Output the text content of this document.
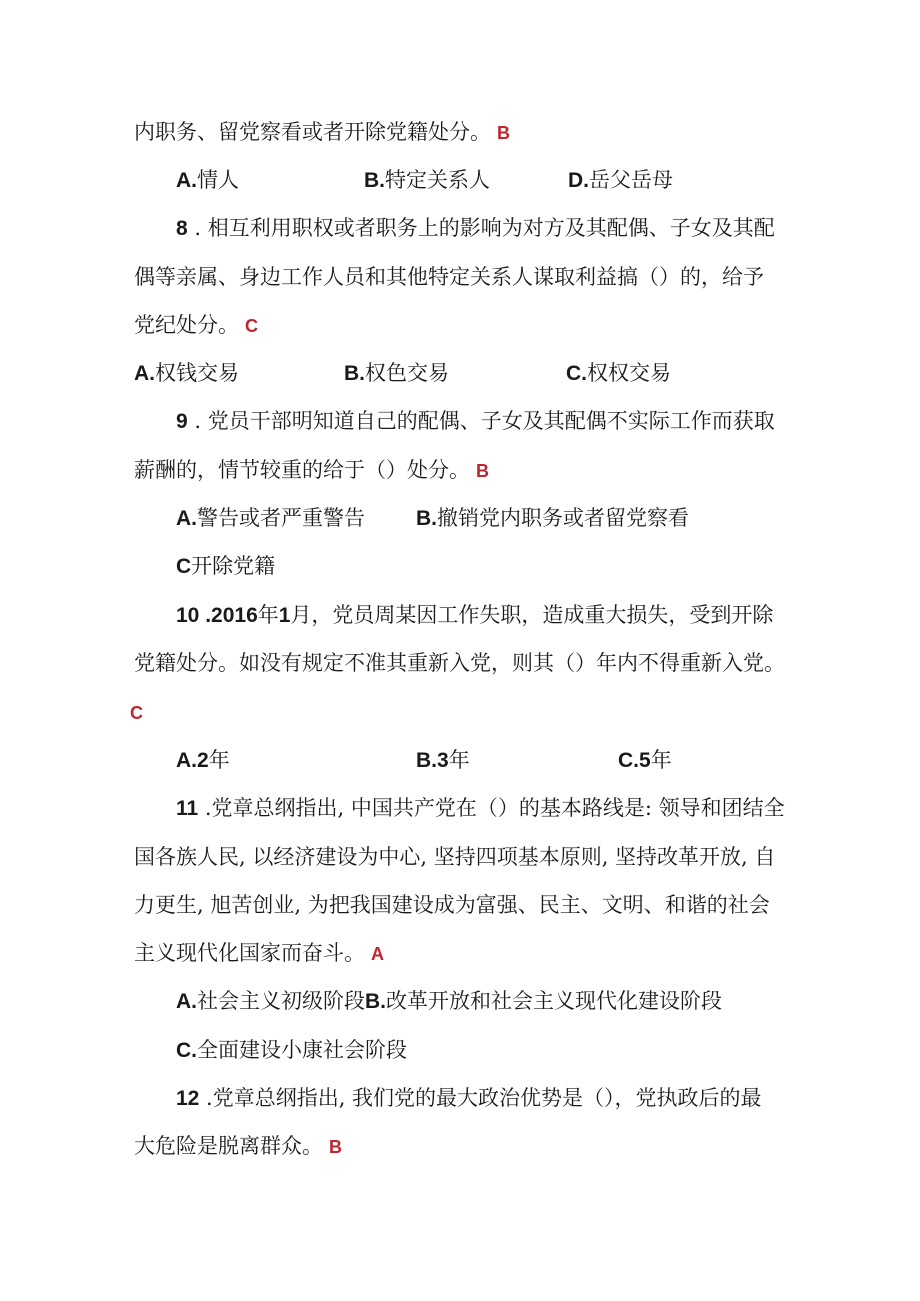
内职务、留党察看或者开除党籍处分。 B
A.情人	B.特定关系人	D.岳父岳母
8 . 相互利用职权或者职务上的影响为对方及其配偶、子女及其配
偶等亲属、身边工作人员和其他特定关系人谋取利益搞（）的，给予
党纪处分。 C
A.权钱交易	B.权色交易	C.权权交易
9 . 党员干部明知道自己的配偶、子女及其配偶不实际工作而获取
薪酬的，情节较重的给于（）处分。 B
A.警告或者严重警告 B.撤销党内职务或者留党察看
C开除党籍
10 .2016年1月，党员周某因工作失职，造成重大损失，受到开除
党籍处分。如没有规定不准其重新入党，则其（）年内不得重新入党。
C
A.2年	B.3年	C.5年
11 .党章总纲指出, 中国共产党在（）的基本路线是: 领导和团结全
国各族人民, 以经济建设为中心, 坚持四项基本原则, 坚持改革开放, 自
力更生, 旭苦创业, 为把我国建设成为富强、民主、文明、和谐的社会
主义现代化国家而奋斗。 A
A.社会主义初级阶段B.改革开放和社会主义现代化建设阶段
C.全面建设小康社会阶段
12 .党章总纲指出, 我们党的最大政治优势是（），党执政后的最
大危险是脱离群众。 B
